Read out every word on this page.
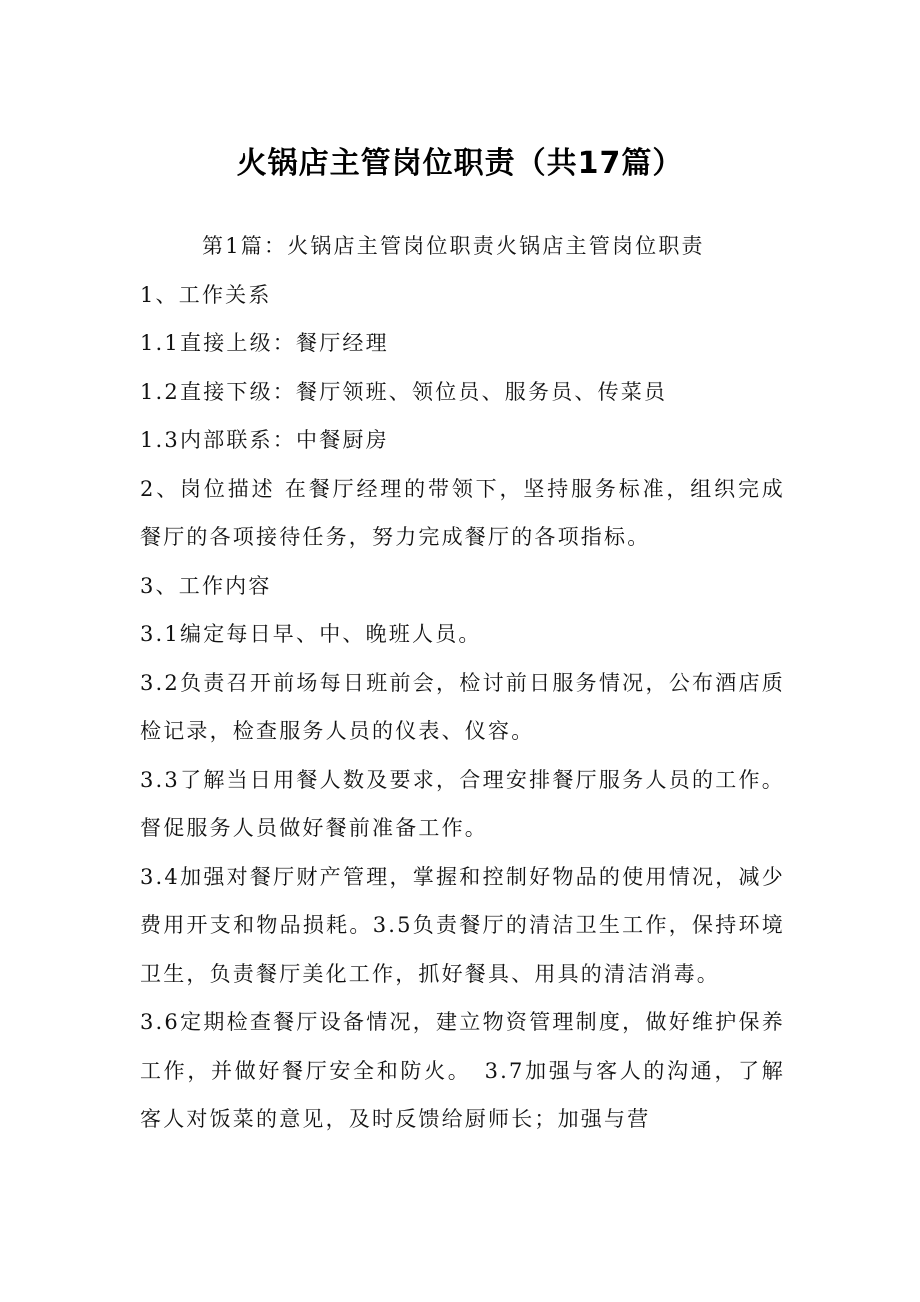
火锅店主管岗位职责（共17篇）

第1篇：火锅店主管岗位职责火锅店主管岗位职责

1、工作关系

1.1直接上级：餐厅经理

1.2直接下级：餐厅领班、领位员、服务员、传菜员

1.3内部联系：中餐厨房

2、岗位描述 在餐厅经理的带领下，坚持服务标准，组织完成餐厅的各项接待任务，努力完成餐厅的各项指标。

3、工作内容

3.1编定每日早、中、晚班人员。

3.2负责召开前场每日班前会，检讨前日服务情况，公布酒店质检记录，检查服务人员的仪表、仪容。

3.3了解当日用餐人数及要求，合理安排餐厅服务人员的工作。督促服务人员做好餐前准备工作。

3.4加强对餐厅财产管理，掌握和控制好物品的使用情况，减少费用开支和物品损耗。3.5负责餐厅的清洁卫生工作，保持环境卫生，负责餐厅美化工作，抓好餐具、用具的清洁消毒。

3.6定期检查餐厅设备情况，建立物资管理制度，做好维护保养工作，并做好餐厅安全和防火。　3.7加强与客人的沟通，了解客人对饭菜的意见，及时反馈给厨师长；加强与营
